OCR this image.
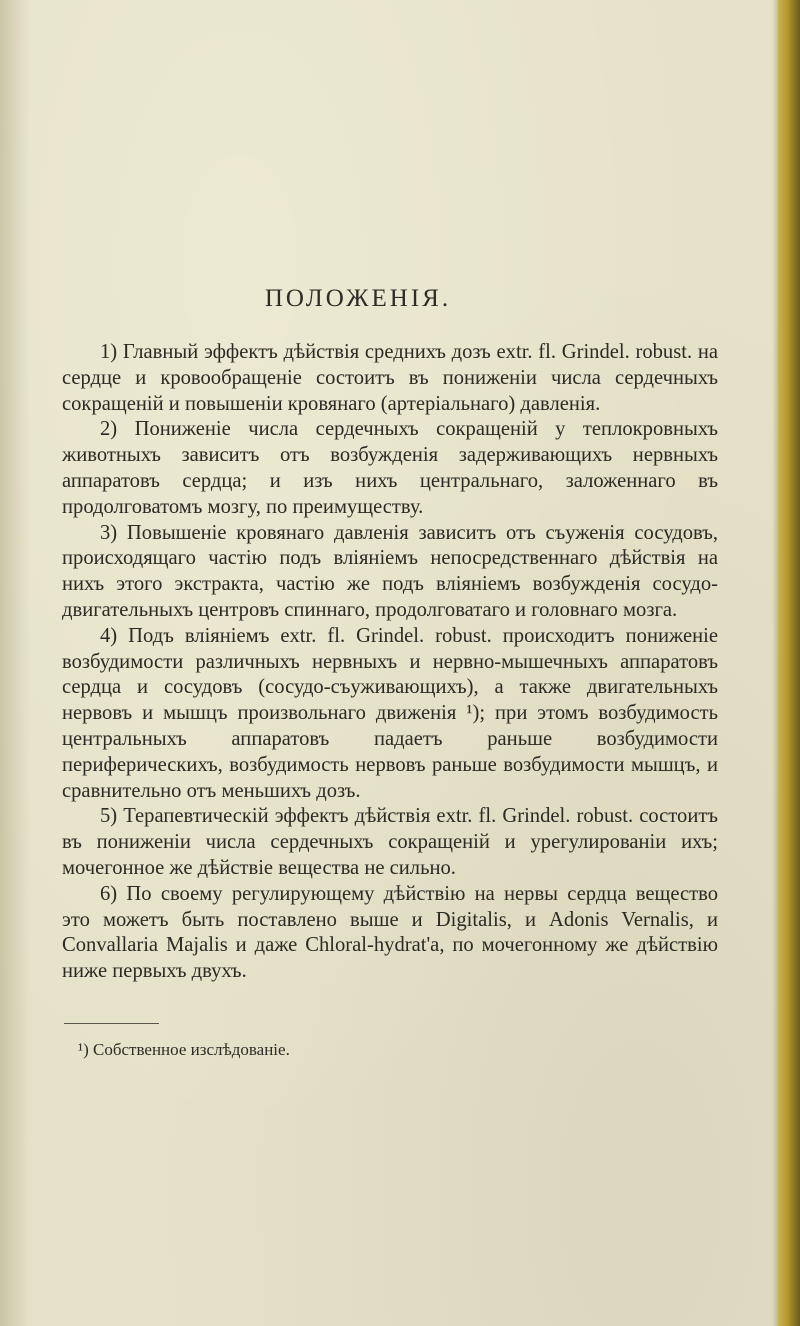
ПОЛОЖЕНIЯ.

1) Главный эффектъ дѣйствія среднихъ дозъ extr. fl. Grindel. robust. на сердце и кровообращеніе состоитъ въ пониженіи числа сердечныхъ сокращеній и повышеніи кровянаго (артеріальнаго) давленія.

2) Пониженіе числа сердечныхъ сокращеній у теплокровныхъ животныхъ зависитъ отъ возбужденія задерживающихъ нервныхъ аппаратовъ сердца; и изъ нихъ центральнаго, заложеннаго въ продолговатомъ мозгу, по преимуществу.

3) Повышеніе кровянаго давленія зависитъ отъ съуженія сосудовъ, происходящаго частію подъ вліяніемъ непосредственнаго дѣйствія на нихъ этого экстракта, частію же подъ вліяніемъ возбужденія сосудо-двигательныхъ центровъ спиннаго, продолговатаго и головнаго мозга.

4) Подъ вліяніемъ extr. fl. Grindel. robust. происходитъ пониженіе возбудимости различныхъ нервныхъ и нервно-мышечныхъ аппаратовъ сердца и сосудовъ (сосудо-съуживающихъ), а также двигательныхъ нервовъ и мышцъ произвольнаго движенія ¹); при этомъ возбудимость центральныхъ аппаратовъ падаетъ раньше возбудимости периферическихъ, возбудимость нервовъ раньше возбудимости мышцъ, и сравнительно отъ меньшихъ дозъ.

5) Терапевтическій эффектъ дѣйствія extr. fl. Grindel. robust. состоитъ въ пониженіи числа сердечныхъ сокращеній и урегулированіи ихъ; мочегонное же дѣйствіе вещества не сильно.

6) По своему регулирующему дѣйствію на нервы сердца вещество это можетъ быть поставлено выше и Digitalis, и Adonis Vernalis, и Convallaria Majalis и даже Chloral-hydrat'а, по мочегонному же дѣйствію ниже первыхъ двухъ.

¹) Собственное изслѣдованіе.
